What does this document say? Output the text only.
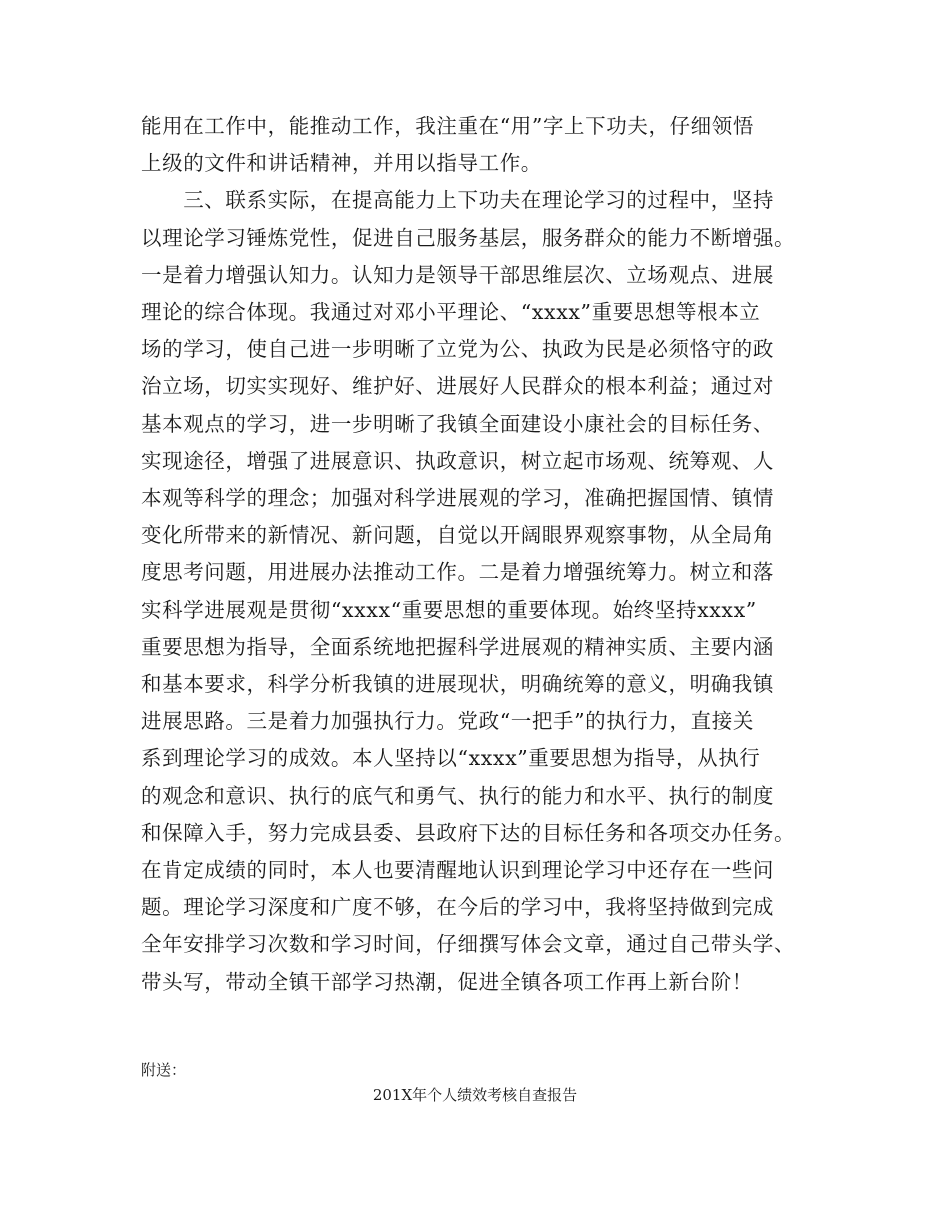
能用在工作中，能推动工作，我注重在“用”字上下功夫，仔细领悟
上级的文件和讲话精神，并用以指导工作。
　　三、联系实际，在提高能力上下功夫在理论学习的过程中，坚持
以理论学习锤炼党性，促进自己服务基层，服务群众的能力不断增强。
一是着力增强认知力。认知力是领导干部思维层次、立场观点、进展
理论的综合体现。我通过对邓小平理论、“xxxx”重要思想等根本立
场的学习，使自己进一步明晰了立党为公、执政为民是必须恪守的政
治立场，切实实现好、维护好、进展好人民群众的根本利益；通过对
基本观点的学习，进一步明晰了我镇全面建设小康社会的目标任务、
实现途径，增强了进展意识、执政意识，树立起市场观、统筹观、人
本观等科学的理念；加强对科学进展观的学习，准确把握国情、镇情
变化所带来的新情况、新问题，自觉以开阔眼界观察事物，从全局角
度思考问题，用进展办法推动工作。二是着力增强统筹力。树立和落
实科学进展观是贯彻“xxxx“重要思想的重要体现。始终坚持xxxx”
重要思想为指导，全面系统地把握科学进展观的精神实质、主要内涵
和基本要求，科学分析我镇的进展现状，明确统筹的意义，明确我镇
进展思路。三是着力加强执行力。党政“一把手”的执行力，直接关
系到理论学习的成效。本人坚持以“xxxx”重要思想为指导，从执行
的观念和意识、执行的底气和勇气、执行的能力和水平、执行的制度
和保障入手，努力完成县委、县政府下达的目标任务和各项交办任务。
在肯定成绩的同时，本人也要清醒地认识到理论学习中还存在一些问
题。理论学习深度和广度不够，在今后的学习中，我将坚持做到完成
全年安排学习次数和学习时间，仔细撰写体会文章，通过自己带头学、
带头写，带动全镇干部学习热潮，促进全镇各项工作再上新台阶！
附送：
201X年个人绩效考核自查报告
